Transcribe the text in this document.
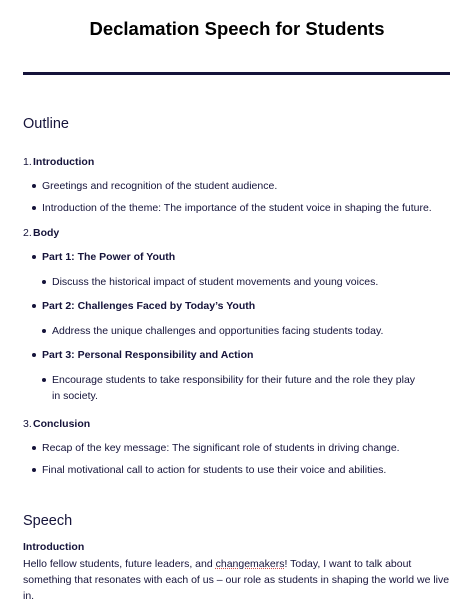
Declamation Speech for Students
Outline
1. Introduction
Greetings and recognition of the student audience.
Introduction of the theme: The importance of the student voice in shaping the future.
2. Body
Part 1: The Power of Youth
Discuss the historical impact of student movements and young voices.
Part 2: Challenges Faced by Today’s Youth
Address the unique challenges and opportunities facing students today.
Part 3: Personal Responsibility and Action
Encourage students to take responsibility for their future and the role they play in society.
3. Conclusion
Recap of the key message: The significant role of students in driving change.
Final motivational call to action for students to use their voice and abilities.
Speech
Introduction
Hello fellow students, future leaders, and changemakers! Today, I want to talk about something that resonates with each of us – our role as students in shaping the world we live in.
